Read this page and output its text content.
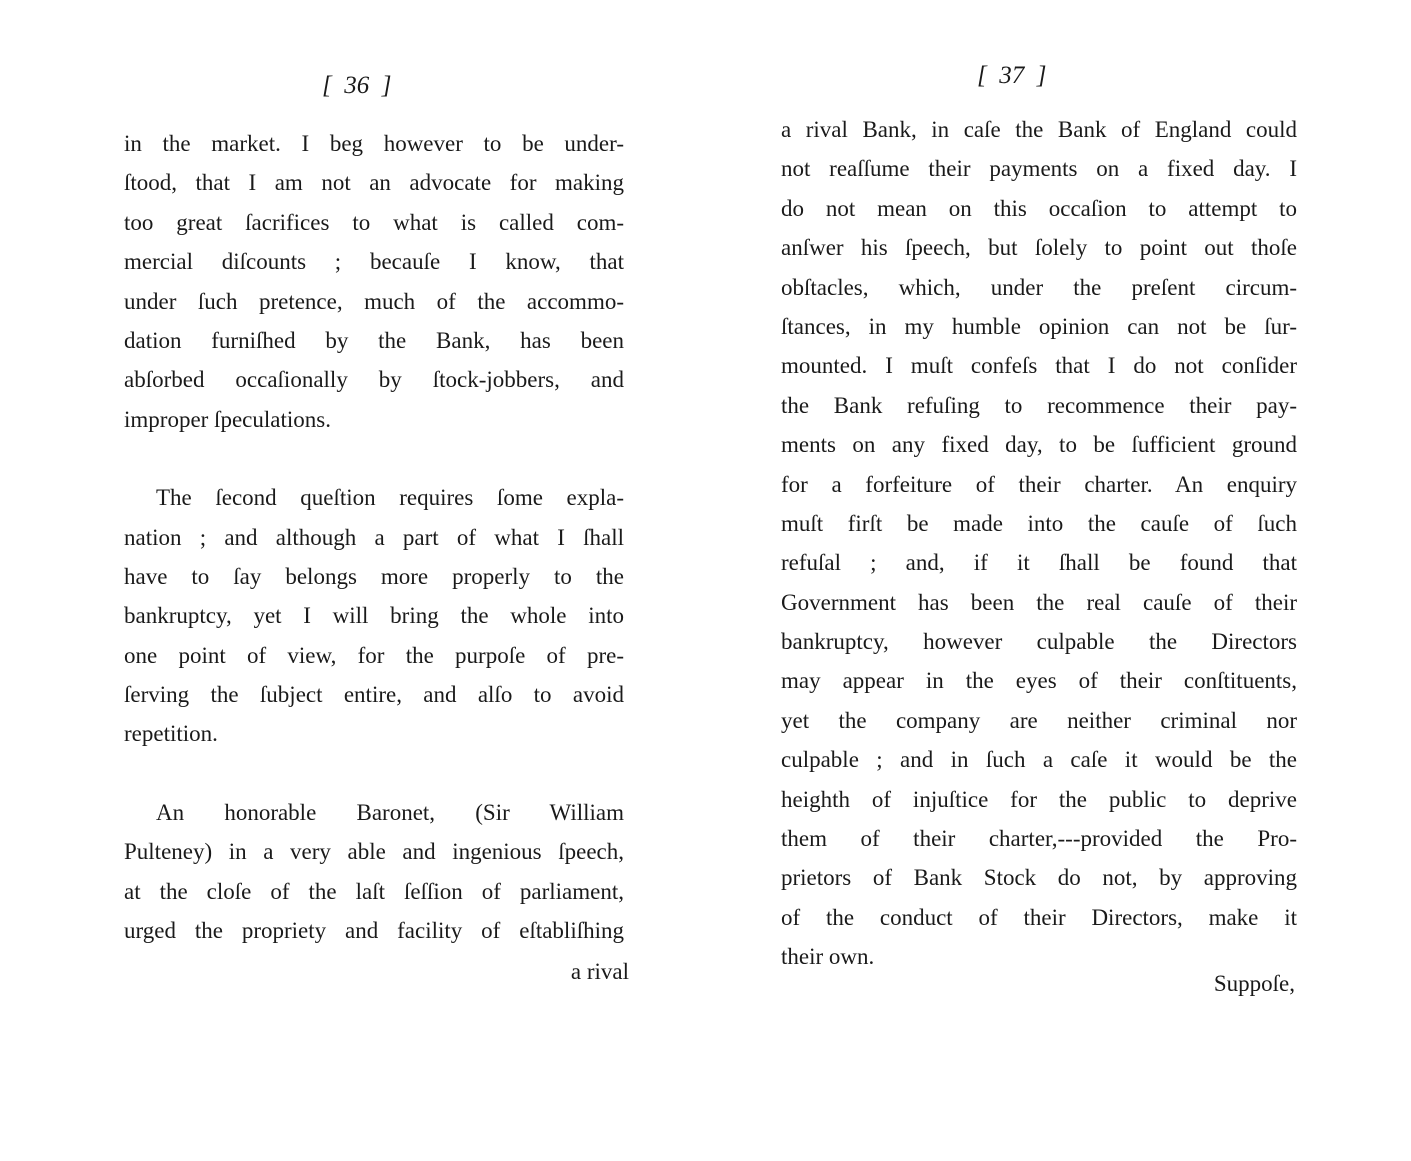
[  36  ]
in the market. I beg however to be under-
ſtood, that I am not an advocate for making
too great ſacrifices to what is called com-
mercial diſcounts ; becauſe I know, that
under ſuch pretence, much of the accommo-
dation furniſhed by the Bank, has been
abſorbed occaſionally by ſtock-jobbers, and
improper ſpeculations.
The ſecond queſtion requires ſome expla-
nation ; and although a part of what I ſhall
have to ſay belongs more properly to the
bankruptcy, yet I will bring the whole into
one point of view, for the purpoſe of pre-
ſerving the ſubject entire, and alſo to avoid
repetition.
An honorable Baronet, (Sir William
Pulteney) in a very able and ingenious ſpeech,
at the cloſe of the laſt ſeſſion of parliament,
urged the propriety and facility of eſtabliſhing
a rival
[  37  ]
a rival Bank, in caſe the Bank of England could
not reaſſume their payments on a fixed day. I
do not mean on this occaſion to attempt to
anſwer his ſpeech, but ſolely to point out thoſe
obſtacles, which, under the preſent circum-
ſtances, in my humble opinion can not be ſur-
mounted. I muſt confeſs that I do not conſider
the Bank refuſing to recommence their pay-
ments on any fixed day, to be ſufficient ground
for a forfeiture of their charter. An enquiry
muſt firſt be made into the cauſe of ſuch
refuſal ; and, if it ſhall be found that
Government has been the real cauſe of their
bankruptcy, however culpable the Directors
may appear in the eyes of their conſtituents,
yet the company are neither criminal nor
culpable ; and in ſuch a caſe it would be the
heighth of injuſtice for the public to deprive
them of their charter,---provided the Pro-
prietors of Bank Stock do not, by approving
of the conduct of their Directors, make it
their own.
Suppoſe,
